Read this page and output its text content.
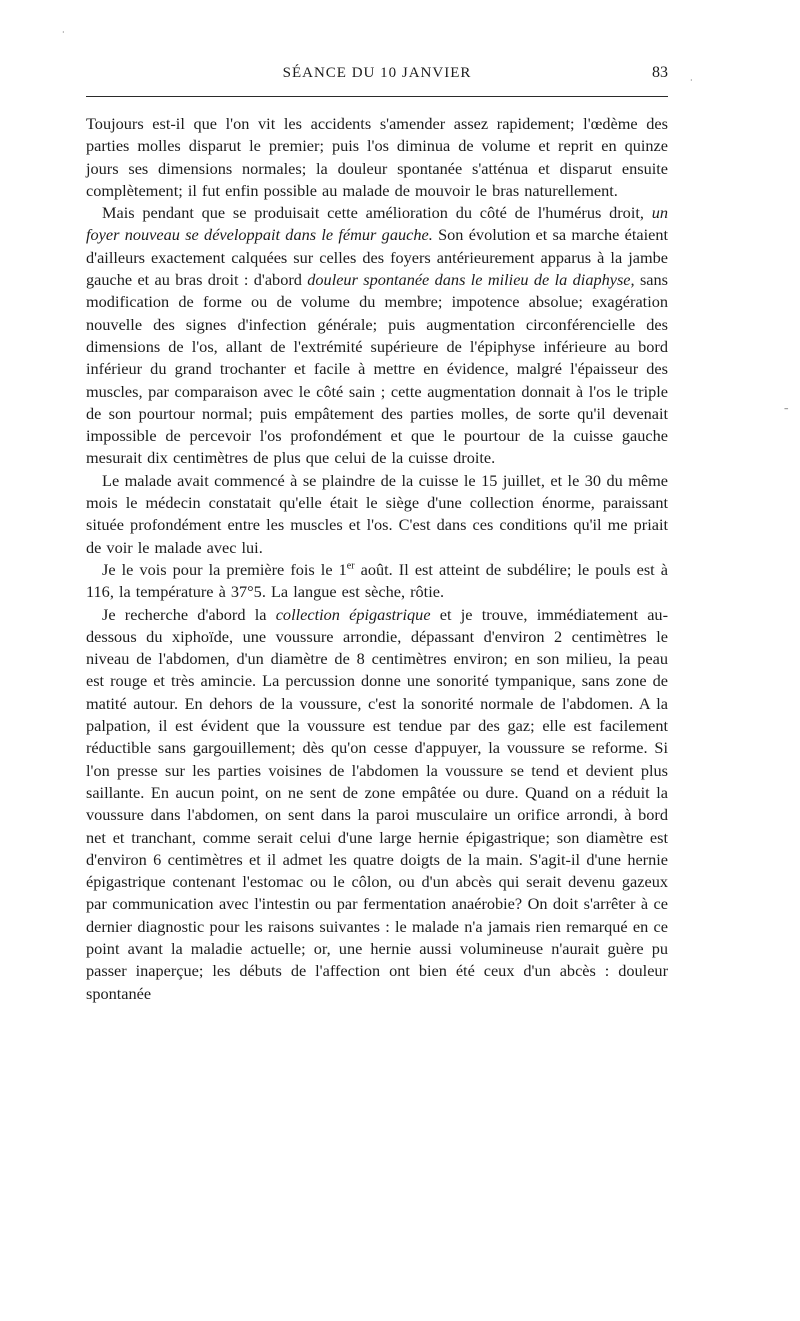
SÉANCE DU 10 JANVIER	83

Toujours est-il que l'on vit les accidents s'amender assez rapidement; l'œdème des parties molles disparut le premier; puis l'os diminua de volume et reprit en quinze jours ses dimensions normales; la douleur spontanée s'atténua et disparut ensuite complètement; il fut enfin possible au malade de mouvoir le bras naturellement.

Mais pendant que se produisait cette amélioration du côté de l'humérus droit, un foyer nouveau se développait dans le fémur gauche. Son évolution et sa marche étaient d'ailleurs exactement calquées sur celles des foyers antérieurement apparus à la jambe gauche et au bras droit : d'abord douleur spontanée dans le milieu de la diaphyse, sans modification de forme ou de volume du membre; impotence absolue; exagération nouvelle des signes d'infection générale; puis augmentation circonférencielle des dimensions de l'os, allant de l'extrémité supérieure de l'épiphyse inférieure au bord inférieur du grand trochanter et facile à mettre en évidence, malgré l'épaisseur des muscles, par comparaison avec le côté sain ; cette augmentation donnait à l'os le triple de son pourtour normal; puis empâtement des parties molles, de sorte qu'il devenait impossible de percevoir l'os profondément et que le pourtour de la cuisse gauche mesurait dix centimètres de plus que celui de la cuisse droite.

Le malade avait commencé à se plaindre de la cuisse le 15 juillet, et le 30 du même mois le médecin constatait qu'elle était le siège d'une collection énorme, paraissant située profondément entre les muscles et l'os. C'est dans ces conditions qu'il me priait de voir le malade avec lui.

Je le vois pour la première fois le 1er août. Il est atteint de subdélire; le pouls est à 116, la température à 37°5. La langue est sèche, rôtie.

Je recherche d'abord la collection épigastrique et je trouve, immédiatement au-dessous du xiphoïde, une voussure arrondie, dépassant d'environ 2 centimètres le niveau de l'abdomen, d'un diamètre de 8 centimètres environ; en son milieu, la peau est rouge et très amincie. La percussion donne une sonorité tympanique, sans zone de matité autour. En dehors de la voussure, c'est la sonorité normale de l'abdomen. A la palpation, il est évident que la voussure est tendue par des gaz; elle est facilement réductible sans gargouillement; dès qu'on cesse d'appuyer, la voussure se reforme. Si l'on presse sur les parties voisines de l'abdomen la voussure se tend et devient plus saillante. En aucun point, on ne sent de zone empâtée ou dure. Quand on a réduit la voussure dans l'abdomen, on sent dans la paroi musculaire un orifice arrondi, à bord net et tranchant, comme serait celui d'une large hernie épigastrique; son diamètre est d'environ 6 centimètres et il admet les quatre doigts de la main. S'agit-il d'une hernie épigastrique contenant l'estomac ou le côlon, ou d'un abcès qui serait devenu gazeux par communication avec l'intestin ou par fermentation anaérobie? On doit s'arrêter à ce dernier diagnostic pour les raisons suivantes : le malade n'a jamais rien remarqué en ce point avant la maladie actuelle; or, une hernie aussi volumineuse n'aurait guère pu passer inaperçue; les débuts de l'affection ont bien été ceux d'un abcès : douleur spontanée

·
·
–
